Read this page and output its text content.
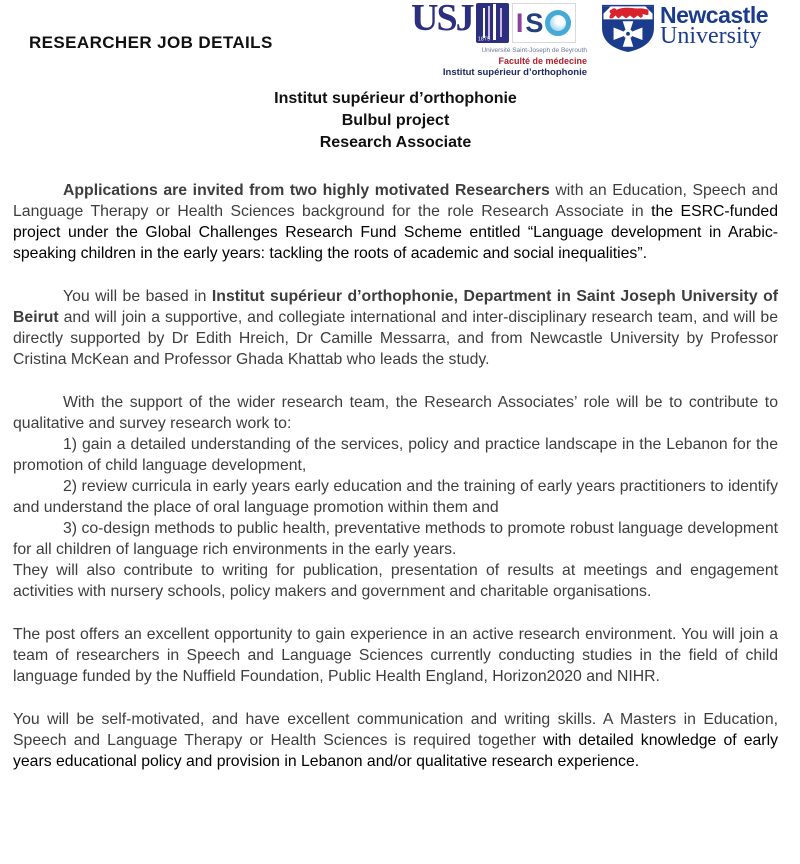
RESEARCHER JOB DETAILS
USJ
1875
I S
Université Saint-Joseph de Beyrouth
Faculté de médecine
Institut supérieur d’orthophonie
Newcastle
University
Institut supérieur d’orthophonie
Bulbul project
Research Associate

Applications are invited from two highly motivated Researchers with an Education, Speech and Language Therapy or Health Sciences background for the role Research Associate in the ESRC-funded project under the Global Challenges Research Fund Scheme entitled “Language development in Arabic-speaking children in the early years: tackling the roots of academic and social inequalities”.

You will be based in Institut supérieur d’orthophonie, Department in Saint Joseph University of Beirut and will join a supportive, and collegiate international and inter-disciplinary research team, and will be directly supported by Dr Edith Hreich, Dr Camille Messarra, and from Newcastle University by Professor Cristina McKean and Professor Ghada Khattab who leads the study.

With the support of the wider research team, the Research Associates’ role will be to contribute to qualitative and survey research work to:

1) gain a detailed understanding of the services, policy and practice landscape in the Lebanon for the promotion of child language development,

2) review curricula in early years early education and the training of early years practitioners to identify and understand the place of oral language promotion within them and

3) co-design methods to public health, preventative methods to promote robust language development for all children of language rich environments in the early years.

They will also contribute to writing for publication, presentation of results at meetings and engagement activities with nursery schools, policy makers and government and charitable organisations.

The post offers an excellent opportunity to gain experience in an active research environment. You will join a team of researchers in Speech and Language Sciences currently conducting studies in the field of child language funded by the Nuffield Foundation, Public Health England, Horizon2020 and NIHR.

You will be self-motivated, and have excellent communication and writing skills. A Masters in Education, Speech and Language Therapy or Health Sciences is required together with detailed knowledge of early years educational policy and provision in Lebanon and/or qualitative research experience.
